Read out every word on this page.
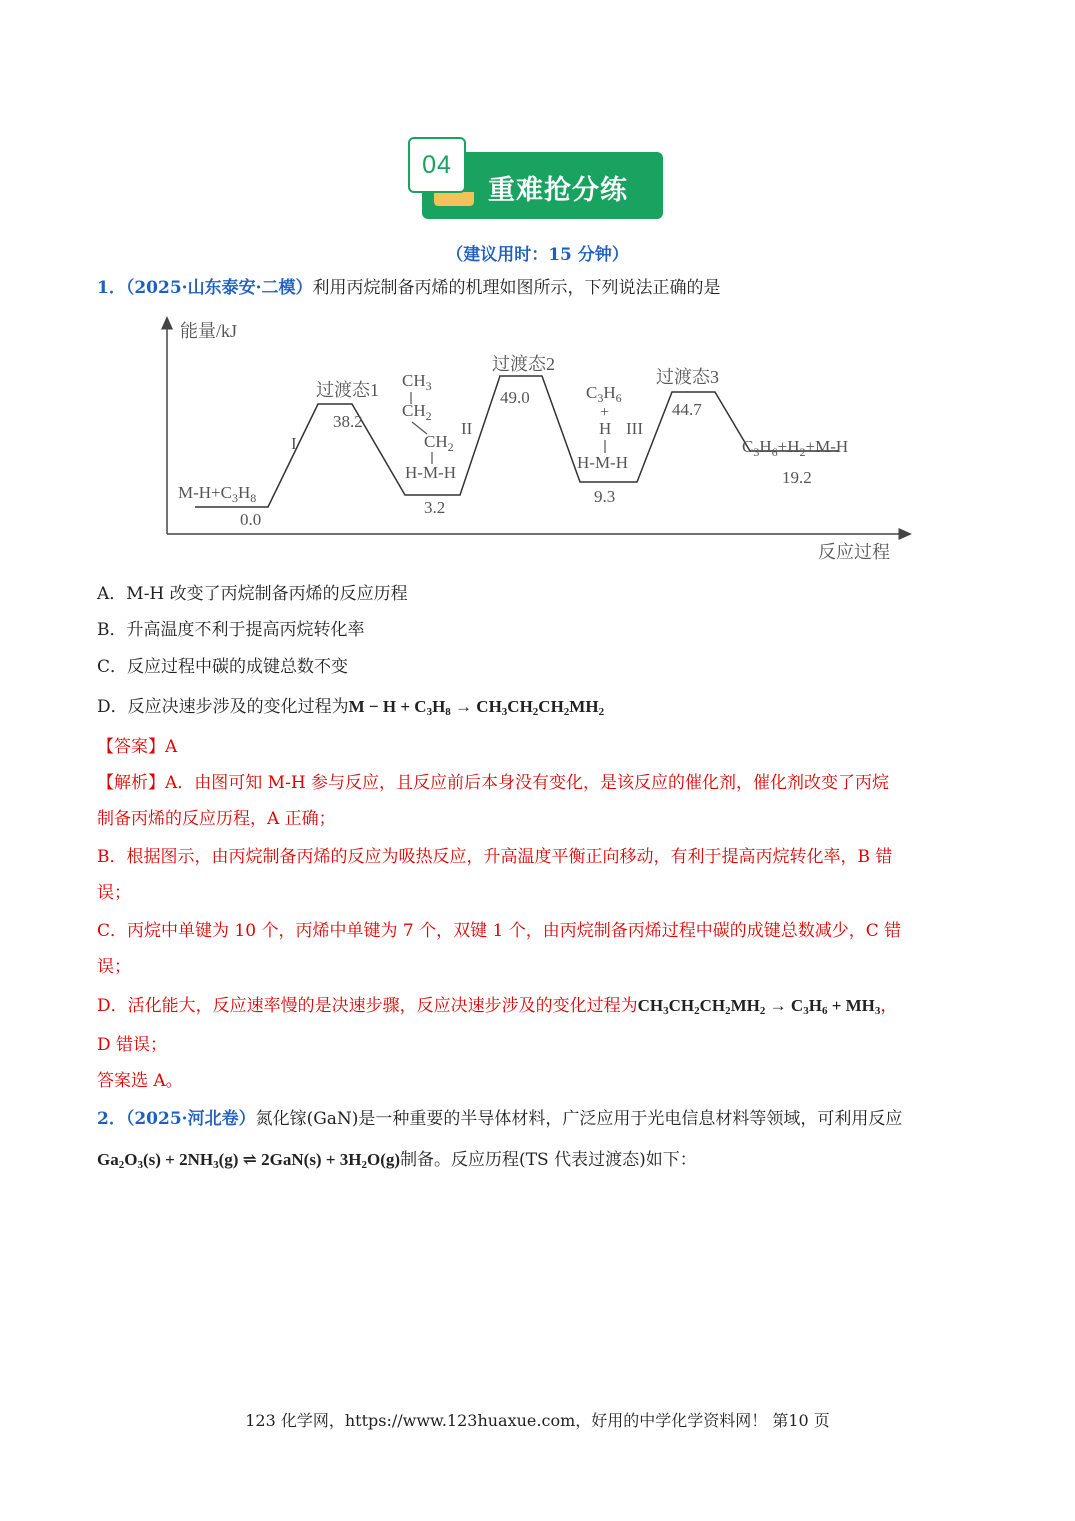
04
重难抢分练
（建议用时：15 分钟）
1．（2025·山东泰安·二模）利用丙烷制备丙烯的机理如图所示，下列说法正确的是
能量/kJ
反应过程
$M-H+C_3H_8$
0.0
I
过渡态1
38.2
$CH_3$
$CH_2$
$CH_2$
H-M-H
3.2
II
过渡态2
49.0	$C_3H_6$
+
H
H-M-H
9.3
III
过渡态3
44.7
$C_3H_6+H_2+M-H$
19.2
A．M-H 改变了丙烷制备丙烯的反应历程
B．升高温度不利于提高丙烷转化率
C．反应过程中碳的成键总数不变
D．反应决速步涉及的变化过程为$M - H + C_3H_8 \to CH_3CH_2CH_2MH_2$
【答案】A
【解析】A．由图可知 M-H 参与反应，且反应前后本身没有变化，是该反应的催化剂，催化剂改变了丙烷
制备丙烯的反应历程，A 正确；
B．根据图示，由丙烷制备丙烯的反应为吸热反应，升高温度平衡正向移动，有利于提高丙烷转化率，B 错
误；
C．丙烷中单键为 10 个，丙烯中单键为 7 个，双键 1 个，由丙烷制备丙烯过程中碳的成键总数减少，C 错
误；
D．活化能大，反应速率慢的是决速步骤，反应决速步涉及的变化过程为$CH_3CH_2CH_2MH_2 \to C_3H_6 + MH_3$，
D 错误；
答案选 A。
2．（2025·河北卷）氮化镓(GaN)是一种重要的半导体材料，广泛应用于光电信息材料等领域，可利用反应
$Ga_2O_3(s) + 2NH_3(g)$ ⇌ $2GaN(s) + 3H_2O(g)$制备。反应历程(TS 代表过渡态)如下：
123 化学网，https://www.123huaxue.com，好用的中学化学资料网！ 第10 页
